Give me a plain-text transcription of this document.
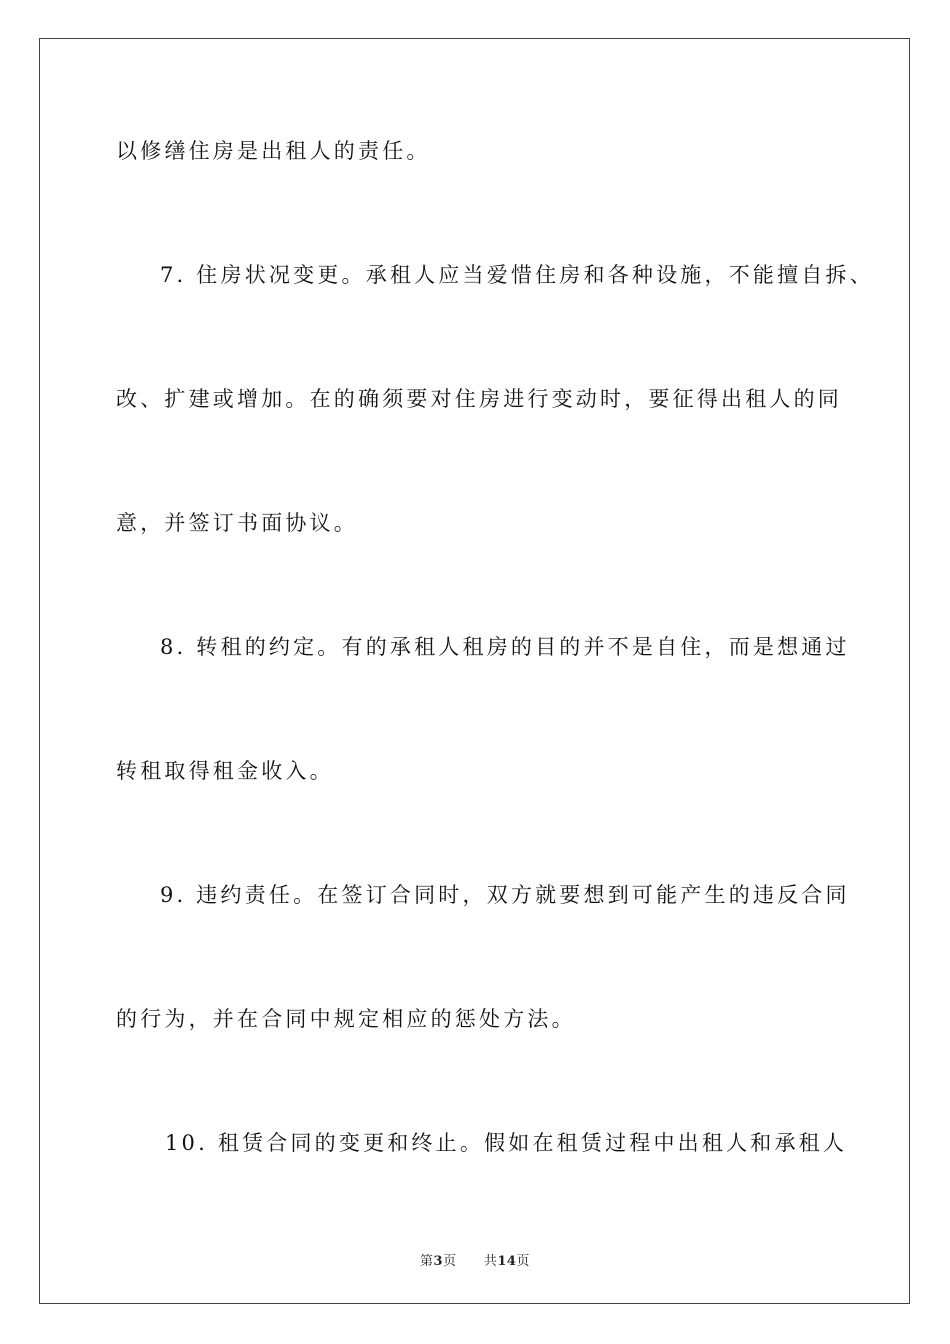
以修缮住房是出租人的责任。
7. 住房状况变更。承租人应当爱惜住房和各种设施，不能擅自拆、
改、扩建或增加。在的确须要对住房进行变动时，要征得出租人的同
意，并签订书面协议。
8. 转租的约定。有的承租人租房的目的并不是自住，而是想通过
转租取得租金收入。
9. 违约责任。在签订合同时，双方就要想到可能产生的违反合同
的行为，并在合同中规定相应的惩处方法。
10. 租赁合同的变更和终止。假如在租赁过程中出租人和承租人
第3页 共14页
